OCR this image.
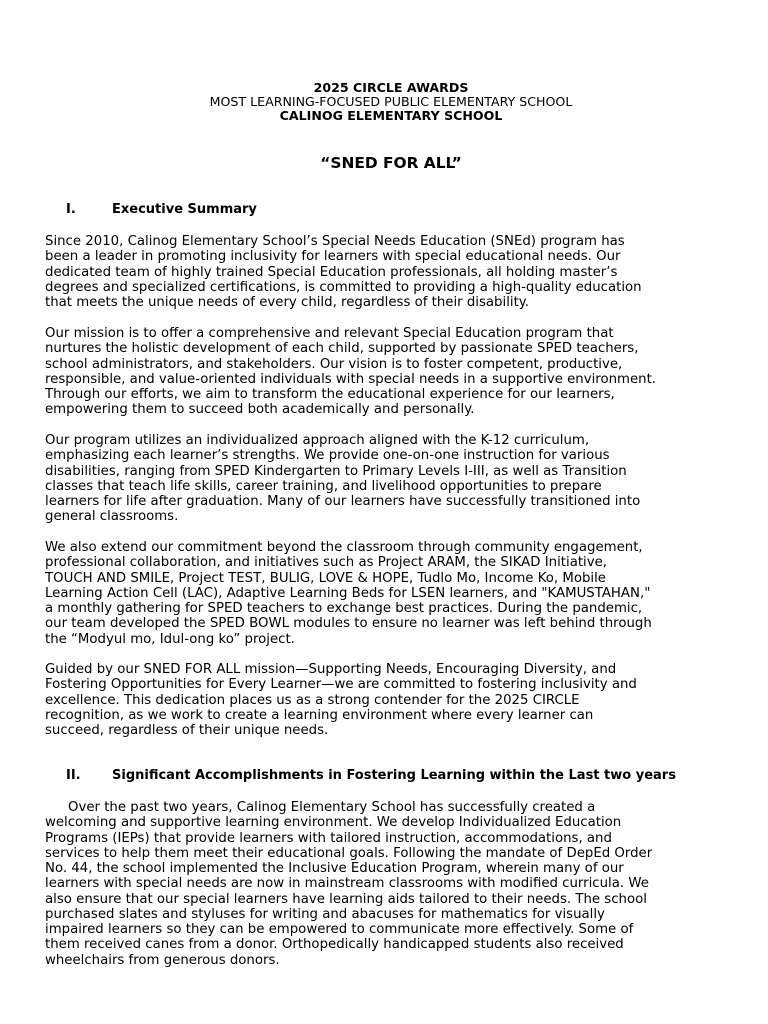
2025 CIRCLE AWARDS
MOST LEARNING-FOCUSED PUBLIC ELEMENTARY SCHOOL
CALINOG ELEMENTARY SCHOOL
“SNED FOR ALL”
I.	Executive Summary
Since 2010, Calinog Elementary School’s Special Needs Education (SNEd) program has
been a leader in promoting inclusivity for learners with special educational needs. Our
dedicated team of highly trained Special Education professionals, all holding master’s
degrees and specialized certifications, is committed to providing a high-quality education
that meets the unique needs of every child, regardless of their disability.
Our mission is to offer a comprehensive and relevant Special Education program that
nurtures the holistic development of each child, supported by passionate SPED teachers,
school administrators, and stakeholders. Our vision is to foster competent, productive,
responsible, and value-oriented individuals with special needs in a supportive environment.
Through our efforts, we aim to transform the educational experience for our learners,
empowering them to succeed both academically and personally.
Our program utilizes an individualized approach aligned with the K-12 curriculum,
emphasizing each learner’s strengths. We provide one-on-one instruction for various
disabilities, ranging from SPED Kindergarten to Primary Levels I-III, as well as Transition
classes that teach life skills, career training, and livelihood opportunities to prepare
learners for life after graduation. Many of our learners have successfully transitioned into
general classrooms.
We also extend our commitment beyond the classroom through community engagement,
professional collaboration, and initiatives such as Project ARAM, the SIKAD Initiative,
TOUCH AND SMILE, Project TEST, BULIG, LOVE & HOPE, Tudlo Mo, Income Ko, Mobile
Learning Action Cell (LAC), Adaptive Learning Beds for LSEN learners, and "KAMUSTAHAN,"
a monthly gathering for SPED teachers to exchange best practices. During the pandemic,
our team developed the SPED BOWL modules to ensure no learner was left behind through
the “Modyul mo, Idul-ong ko” project.
Guided by our SNED FOR ALL mission—Supporting Needs, Encouraging Diversity, and
Fostering Opportunities for Every Learner—we are committed to fostering inclusivity and
excellence. This dedication places us as a strong contender for the 2025 CIRCLE
recognition, as we work to create a learning environment where every learner can
succeed, regardless of their unique needs.
II. Significant Accomplishments in Fostering Learning within the Last two years
Over the past two years, Calinog Elementary School has successfully created a
welcoming and supportive learning environment. We develop Individualized Education
Programs (IEPs) that provide learners with tailored instruction, accommodations, and
services to help them meet their educational goals. Following the mandate of DepEd Order
No. 44, the school implemented the Inclusive Education Program, wherein many of our
learners with special needs are now in mainstream classrooms with modified curricula. We
also ensure that our special learners have learning aids tailored to their needs. The school
purchased slates and styluses for writing and abacuses for mathematics for visually
impaired learners so they can be empowered to communicate more effectively. Some of
them received canes from a donor. Orthopedically handicapped students also received
wheelchairs from generous donors.
